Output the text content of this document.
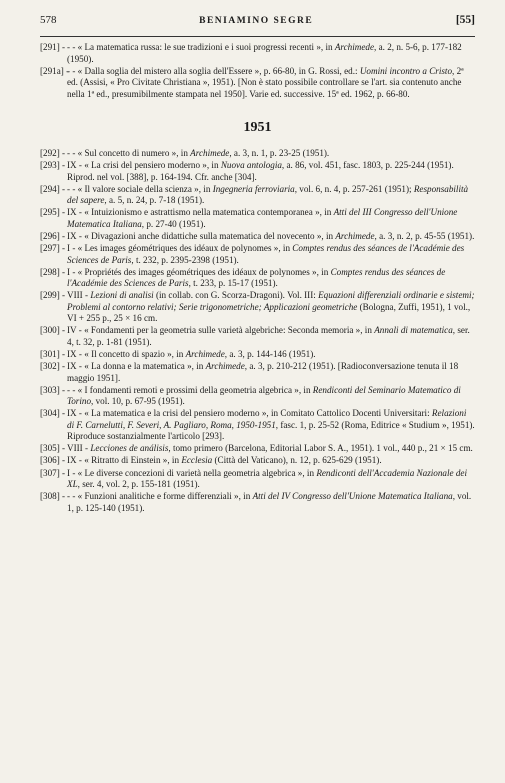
578	BENIAMINO SEGRE	[55]
[291] - - - « La matematica russa: le sue tradizioni e i suoi progressi recenti », in Archimede, a. 2, n. 5-6, p. 177-182 (1950).
[291a] -
- - « Dalla soglia del mistero alla soglia dell'Essere », p. 66-80, in G. Rossi, ed.: Uomini incontro a Cristo, 2ª ed. (Assisi, « Pro Civitate Christiana », 1951). [Non è stato possibile controllare se l'art. sia contenuto anche nella 1ª ed., presumibilmente stampata nel 1950]. Varie ed. successive. 15ª ed. 1962, p. 66-80.
1951
[292] - - - « Sul concetto di numero », in Archimede, a. 3, n. 1, p. 23-25 (1951).
[293] - IX - « La crisi del pensiero moderno », in Nuova antologia, a. 86, vol. 451, fasc. 1803, p. 225-244 (1951). Riprod. nel vol. [388], p. 164-194. Cfr. anche [304].
[294] - - - « Il valore sociale della scienza », in Ingegneria ferroviaria, vol. 6, n. 4, p. 257-261 (1951); Responsabilità del sapere, a. 5, n. 24, p. 7-18 (1951).
[295] - IX - « Intuizionismo e astrattismo nella matematica contemporanea », in Atti del III Congresso dell'Unione Matematica Italiana, p. 27-40 (1951).
[296] - IX - « Divagazioni anche didattiche sulla matematica del novecento », in Archimede, a. 3, n. 2, p. 45-55 (1951).
[297] - I - « Les images géométriques des idéaux de polynomes », in Comptes rendus des séances de l'Académie des Sciences de Paris, t. 232, p. 2395-2398 (1951).
[298] - I - « Propriétés des images géométriques des idéaux de polynomes », in Comptes rendus des séances de l'Académie des Sciences de Paris, t. 233, p. 15-17 (1951).
[299] - VIII - Lezioni di analisi (in collab. con G. Scorza-Dragoni). Vol. III: Equazioni differenziali ordinarie e sistemi; Problemi al contorno relativi; Serie trigonometriche; Applicazioni geometriche (Bologna, Zuffi, 1951), 1 vol., VI + 255 p., 25 × 16 cm.
[300] - IV - « Fondamenti per la geometria sulle varietà algebriche: Seconda memoria », in Annali di matematica, ser. 4, t. 32, p. 1-81 (1951).
[301] - IX - « Il concetto di spazio », in Archimede, a. 3, p. 144-146 (1951).
[302] - IX - « La donna e la matematica », in Archimede, a. 3, p. 210-212 (1951). [Radioconversazione tenuta il 18 maggio 1951].
[303] - - - « I fondamenti remoti e prossimi della geometria algebrica », in Rendiconti del Seminario Matematico di Torino, vol. 10, p. 67-95 (1951).
[304] - IX - « La matematica e la crisi del pensiero moderno », in Comitato Cattolico Docenti Universitari: Relazioni di F. Carnelutti, F. Severi, A. Pagliaro, Roma, 1950-1951, fasc. 1, p. 25-52 (Roma, Editrice « Studium », 1951). Riproduce sostanzialmente l'articolo [293].
[305] - VIII - Lecciones de análisis, tomo primero (Barcelona, Editorial Labor S. A., 1951). 1 vol., 440 p., 21 × 15 cm.
[306] - IX - « Ritratto di Einstein », in Ecclesia (Città del Vaticano), n. 12, p. 625-629 (1951).
[307] - I - « Le diverse concezioni di varietà nella geometria algebrica », in Rendiconti dell'Accademia Nazionale dei XL, ser. 4, vol. 2, p. 155-181 (1951).
[308] - - - « Funzioni analitiche e forme differenziali », in Atti del IV Congresso dell'Unione Matematica Italiana, vol. 1, p. 125-140 (1951).
